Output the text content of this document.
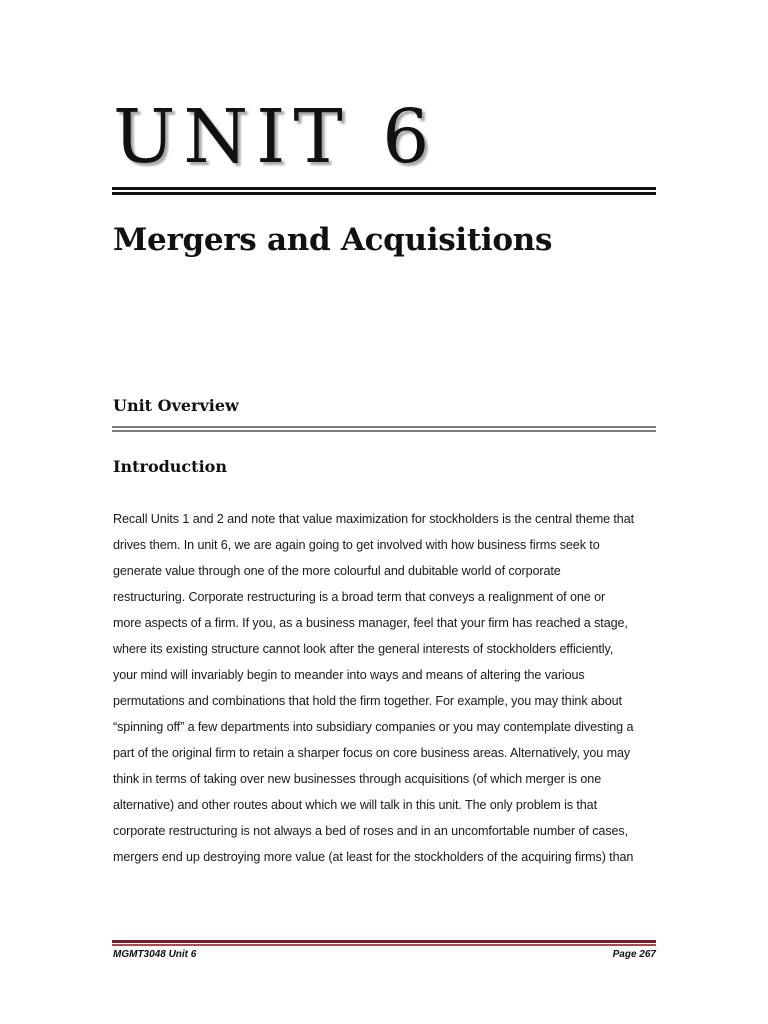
UNIT 6
Mergers and Acquisitions
Unit Overview
Introduction

Recall Units 1 and 2 and note that value maximization for stockholders is the central theme that
drives them. In unit 6, we are again going to get involved with how business firms seek to
generate value through one of the more colourful and dubitable world of corporate
restructuring. Corporate restructuring is a broad term that conveys a realignment of one or
more aspects of a firm. If you, as a business manager, feel that your firm has reached a stage,
where its existing structure cannot look after the general interests of stockholders efficiently,
your mind will invariably begin to meander into ways and means of altering the various
permutations and combinations that hold the firm together. For example, you may think about
“spinning off” a few departments into subsidiary companies or you may contemplate divesting a
part of the original firm to retain a sharper focus on core business areas. Alternatively, you may
think in terms of taking over new businesses through acquisitions (of which merger is one
alternative) and other routes about which we will talk in this unit. The only problem is that
corporate restructuring is not always a bed of roses and in an uncomfortable number of cases,
mergers end up destroying more value (at least for the stockholders of the acquiring firms) than

MGMT3048 Unit 6	Page 267
